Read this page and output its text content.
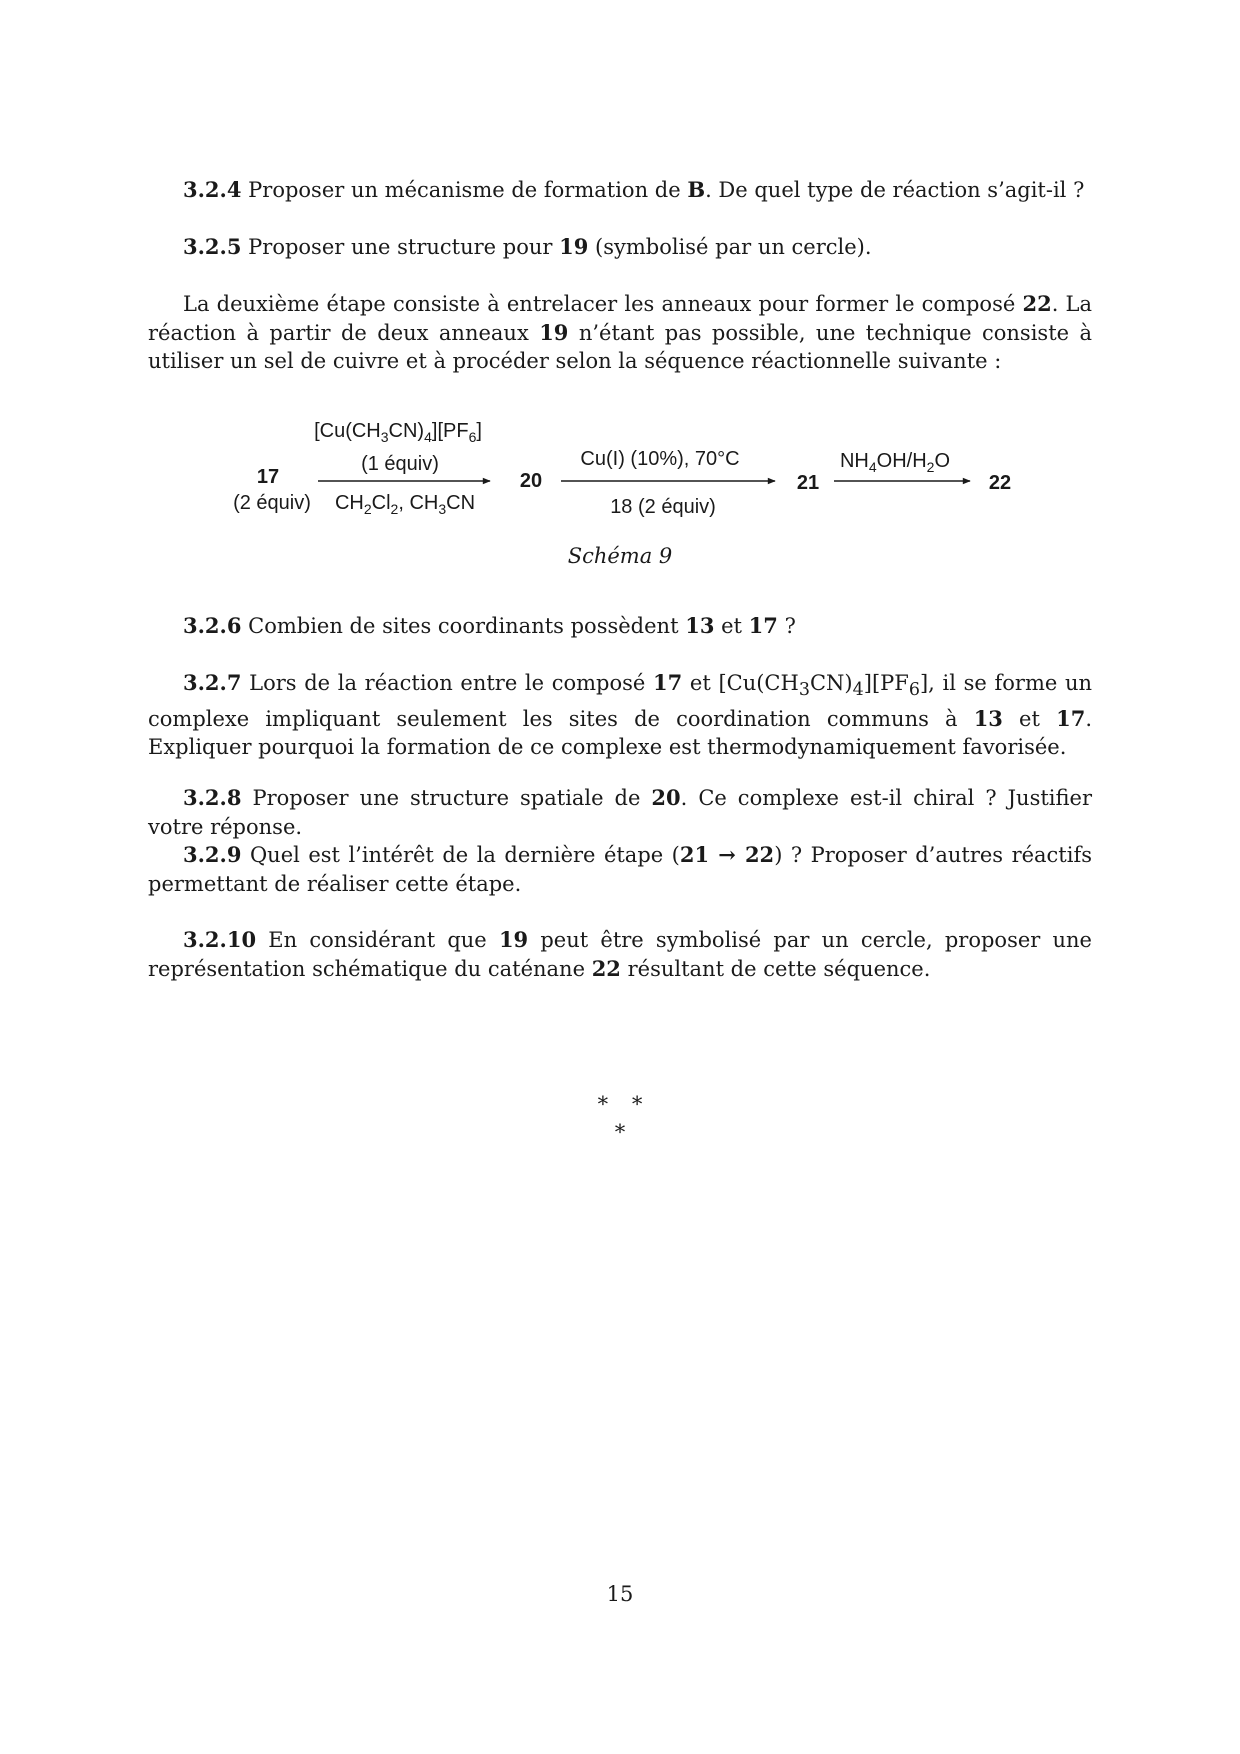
3.2.4 Proposer un mécanisme de formation de B. De quel type de réaction s’agit-il ?

3.2.5 Proposer une structure pour 19 (symbolisé par un cercle).

La deuxième étape consiste à entrelacer les anneaux pour former le composé 22. La réaction à partir de deux anneaux 19 n’étant pas possible, une technique consiste à utiliser un sel de cuivre et à procéder selon la séquence réactionnelle suivante :

17
(2 équiv)
$[Cu(CH_3CN)_4][PF_6]$
(1 équiv)
$CH_2Cl_2$, $CH_3CN$
20
Cu(I) (10%), 70°C
18 (2 équiv)
21
$NH_4OH/H_2O$
22
Schéma 9

3.2.6 Combien de sites coordinants possèdent 13 et 17 ?

3.2.7 Lors de la réaction entre le composé 17 et $[Cu(CH_3CN)_4][PF_6]$, il se forme un complexe impliquant seulement les sites de coordination communs à 13 et 17. Expliquer pourquoi la formation de ce complexe est thermodynamiquement favorisée.

3.2.8 Proposer une structure spatiale de 20. Ce complexe est-il chiral ? Justifier votre réponse.

3.2.9 Quel est l’intérêt de la dernière étape (21 → 22) ? Proposer d’autres réactifs permettant de réaliser cette étape.

3.2.10 En considérant que 19 peut être symbolisé par un cercle, proposer une représentation schématique du caténane 22 résultant de cette séquence.

∗   ∗
∗
15
